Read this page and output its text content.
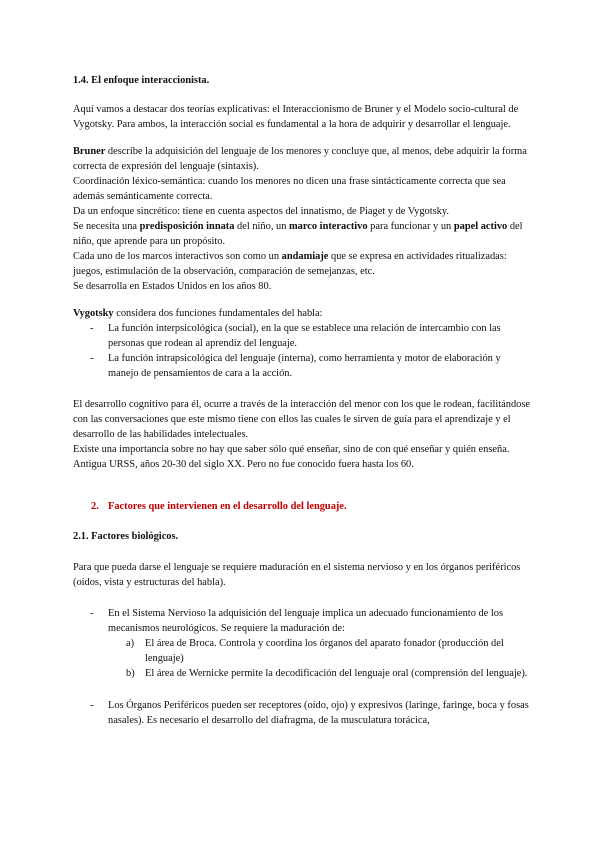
1.4. El enfoque interaccionista.

Aquí vamos a destacar dos teorías explicativas: el Interaccionismo de Bruner y el Modelo socio-cultural de Vygotsky. Para ambos, la interacción social es fundamental a la hora de adquirir y desarrollar el lenguaje.

Bruner describe la adquisición del lenguaje de los menores y concluye que, al menos, debe adquirir la forma correcta de expresión del lenguaje (sintaxis).

Coordinación léxico-semántica: cuando los menores no dicen una frase sintácticamente correcta que sea además semánticamente correcta.

Da un enfoque sincrético: tiene en cuenta aspectos del innatismo, de Piaget y de Vygotsky.

Se necesita una predisposición innata del niño, un marco interactivo para funcionar y un papel activo del niño, que aprende para un propósito.

Cada uno de los marcos interactivos son como un andamiaje que se expresa en actividades ritualizadas: juegos, estimulación de la observación, comparación de semejanzas, etc.

Se desarrolla en Estados Unidos en los años 80.

Vygotsky considera dos funciones fundamentales del habla:

- La función interpsicológica (social), en la que se establece una relación de intercambio con las personas que rodean al aprendiz del lenguaje.

- La función intrapsicológica del lenguaje (interna), como herramienta y motor de elaboración y manejo de pensamientos de cara a la acción.

El desarrollo cognitivo para él, ocurre a través de la interacción del menor con los que le rodean, facilitándose con las conversaciones que este mismo tiene con ellos las cuales le sirven de guía para el aprendizaje y el desarrollo de las habilidades intelectuales.

Existe una importancia sobre no hay que saber sólo qué enseñar, sino de con qué enseñar y quién enseña.

Antigua URSS, años 20-30 del siglo XX. Pero no fue conocido fuera hasta los 60.

2. Factores que intervienen en el desarrollo del lenguaje.

2.1. Factores biológicos.

Para que pueda darse el lenguaje se requiere maduración en el sistema nervioso y en los órganos periféricos (oídos, vista y estructuras del habla).

- En el Sistema Nervioso la adquisición del lenguaje implica un adecuado funcionamiento de los mecanismos neurológicos. Se requiere la maduración de:

a) El área de Broca. Controla y coordina los órganos del aparato fonador (producción del lenguaje)

b) El área de Wernicke permite la decodificación del lenguaje oral (comprensión del lenguaje).

- Los Órganos Periféricos pueden ser receptores (oído, ojo) y expresivos (laringe, faringe, boca y fosas nasales). Es necesario el desarrollo del diafragma, de la musculatura torácica,
